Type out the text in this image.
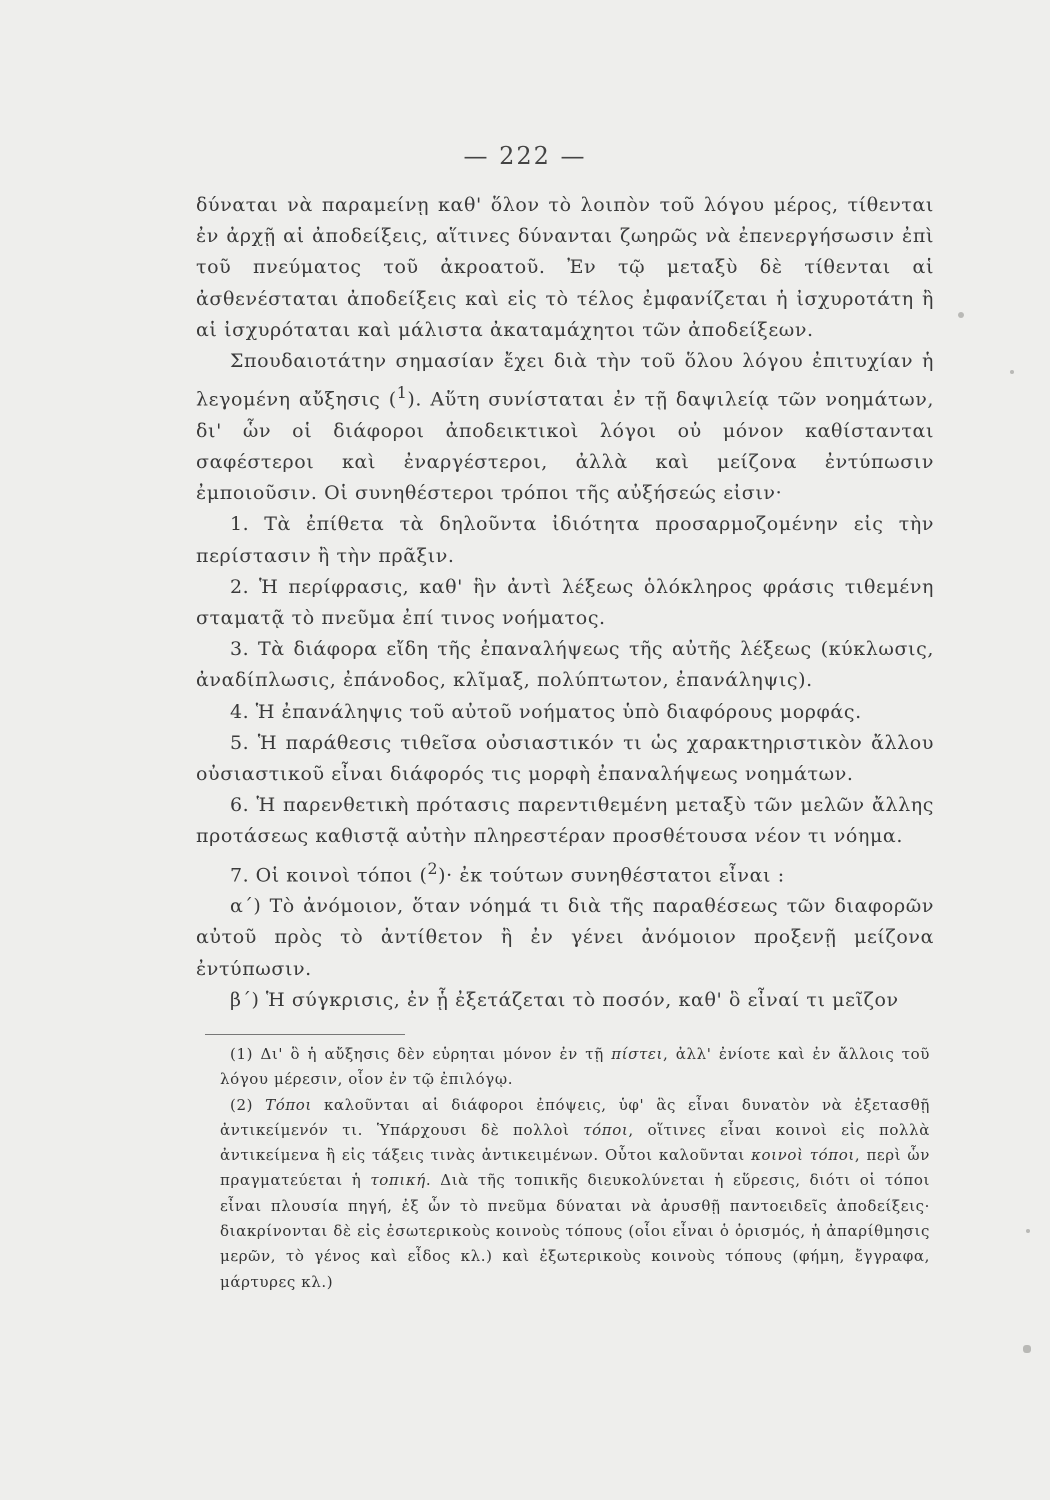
— 222 —

δύναται νὰ παραμείνῃ καθ' ὅλον τὸ λοιπὸν τοῦ λόγου μέρος, τίθενται ἐν ἀρχῇ αἱ ἀποδείξεις, αἵτινες δύνανται ζωηρῶς νὰ ἐπενεργήσωσιν ἐπὶ τοῦ πνεύματος τοῦ ἀκροατοῦ. Ἐν τῷ μεταξὺ δὲ τίθενται αἱ ἀσθενέσταται ἀποδείξεις καὶ εἰς τὸ τέλος ἐμφανίζεται ἡ ἰσχυροτάτη ἢ αἱ ἰσχυρόταται καὶ μάλιστα ἀκαταμάχητοι τῶν ἀποδείξεων.

Σπουδαιοτάτην σημασίαν ἔχει διὰ τὴν τοῦ ὅλου λόγου ἐπιτυχίαν ἡ λεγομένη αὔξησις ($^1$). Αὕτη συνίσταται ἐν τῇ δαψιλείᾳ τῶν νοημάτων, δι' ὧν οἱ διάφοροι ἀποδεικτικοὶ λόγοι οὐ μόνον καθίστανται σαφέστεροι καὶ ἐναργέστεροι, ἀλλὰ καὶ μείζονα ἐντύπωσιν ἐμποιοῦσιν. Οἱ συνηθέστεροι τρόποι τῆς αὐξήσεώς εἰσιν·

1. Τὰ ἐπίθετα τὰ δηλοῦντα ἰδιότητα προσαρμοζομένην εἰς τὴν περίστασιν ἢ τὴν πρᾶξιν.

2. Ἡ περίφρασις, καθ' ἣν ἀντὶ λέξεως ὁλόκληρος φράσις τιθεμένη σταματᾷ τὸ πνεῦμα ἐπί τινος νοήματος.

3. Τὰ διάφορα εἴδη τῆς ἐπαναλήψεως τῆς αὐτῆς λέξεως (κύκλωσις, ἀναδίπλωσις, ἐπάνοδος, κλῖμαξ, πολύπτωτον, ἐπανάληψις).

4. Ἡ ἐπανάληψις τοῦ αὐτοῦ νοήματος ὑπὸ διαφόρους μορφάς.

5. Ἡ παράθεσις τιθεῖσα οὐσιαστικόν τι ὡς χαρακτηριστικὸν ἄλλου οὐσιαστικοῦ εἶναι διάφορός τις μορφὴ ἐπαναλήψεως νοημάτων.

6. Ἡ παρενθετικὴ πρότασις παρεντιθεμένη μεταξὺ τῶν μελῶν ἄλλης προτάσεως καθιστᾷ αὐτὴν πληρεστέραν προσθέτουσα νέον τι νόημα.

7. Οἱ κοινοὶ τόποι ($^2$)· ἐκ τούτων συνηθέστατοι εἶναι :

α΄) Τὸ ἀνόμοιον, ὅταν νόημά τι διὰ τῆς παραθέσεως τῶν διαφορῶν αὐτοῦ πρὸς τὸ ἀντίθετον ἢ ἐν γένει ἀνόμοιον προξενῇ μείζονα ἐντύπωσιν.

β΄) Ἡ σύγκρισις, ἐν ᾗ ἐξετάζεται τὸ ποσόν, καθ' ὃ εἶναί τι μεῖζον

(1) Δι' ὃ ἡ αὔξησις δὲν εὑρηται μόνον ἐν τῇ πίστει, ἀλλ' ἐνίοτε καὶ ἐν ἄλλοις τοῦ λόγου μέρεσιν, οἷον ἐν τῷ ἐπιλόγῳ.

(2) Τόποι καλοῦνται αἱ διάφοροι ἐπόψεις, ὑφ' ἃς εἶναι δυνατὸν νὰ ἐξετασθῇ ἀντικείμενόν τι. Ὑπάρχουσι δὲ πολλοὶ τόποι, οἵτινες εἶναι κοινοὶ εἰς πολλὰ ἀντικείμενα ἢ εἰς τάξεις τινὰς ἀντικειμένων. Οὗτοι καλοῦνται κοινοὶ τόποι, περὶ ὧν πραγματεύεται ἡ τοπική. Διὰ τῆς τοπικῆς διευκολύνεται ἡ εὕρεσις, διότι οἱ τόποι εἶναι πλουσία πηγή, ἐξ ὧν τὸ πνεῦμα δύναται νὰ ἀρυσθῇ παντοειδεῖς ἀποδείξεις· διακρίνονται δὲ εἰς ἐσωτερικοὺς κοινοὺς τόπους (οἷοι εἶναι ὁ ὁρισμός, ἡ ἀπαρίθμησις μερῶν, τὸ γένος καὶ εἶδος κλ.) καὶ ἐξωτερικοὺς κοινοὺς τόπους (φήμη, ἔγγραφα, μάρτυρες κλ.)
